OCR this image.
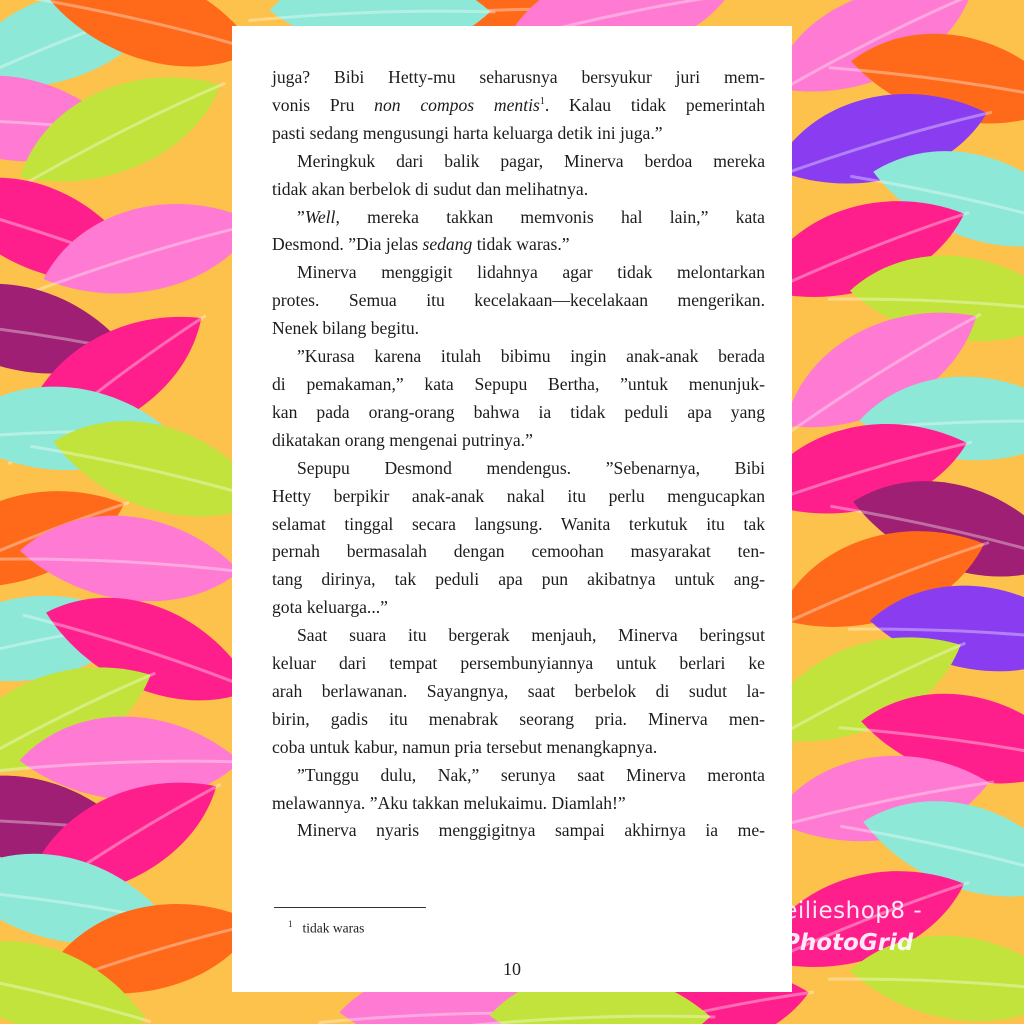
juga? Bibi Hetty-mu seharusnya bersyukur juri mem-

vonis Pru non compos mentis$^1$. Kalau tidak pemerintah

pasti sedang mengusungi harta keluarga detik ini juga.”

Meringkuk dari balik pagar, Minerva berdoa mereka

tidak akan berbelok di sudut dan melihatnya.

”Well, mereka takkan memvonis hal lain,” kata

Desmond. ”Dia jelas sedang tidak waras.”

Minerva menggigit lidahnya agar tidak melontarkan

protes. Semua itu kecelakaan—kecelakaan mengerikan.

Nenek bilang begitu.

”Kurasa karena itulah bibimu ingin anak-anak berada

di pemakaman,” kata Sepupu Bertha, ”untuk menunjuk-

kan pada orang-orang bahwa ia tidak peduli apa yang

dikatakan orang mengenai putrinya.”

Sepupu Desmond mendengus. ”Sebenarnya, Bibi

Hetty berpikir anak-anak nakal itu perlu mengucapkan

selamat tinggal secara langsung. Wanita terkutuk itu tak

pernah bermasalah dengan cemoohan masyarakat ten-

tang dirinya, tak peduli apa pun akibatnya untuk ang-

gota keluarga...”

Saat suara itu bergerak menjauh, Minerva beringsut

keluar dari tempat persembunyiannya untuk berlari ke

arah berlawanan. Sayangnya, saat berbelok di sudut la-

birin, gadis itu menabrak seorang pria. Minerva men-

coba untuk kabur, namun pria tersebut menangkapnya.

”Tunggu dulu, Nak,” serunya saat Minerva meronta

melawannya. ”Aku takkan melukaimu. Diamlah!”

Minerva nyaris menggigitnya sampai akhirnya ia me-

$^1$ tidak waras
10
- feilieshop8 -
PhotoGrid
